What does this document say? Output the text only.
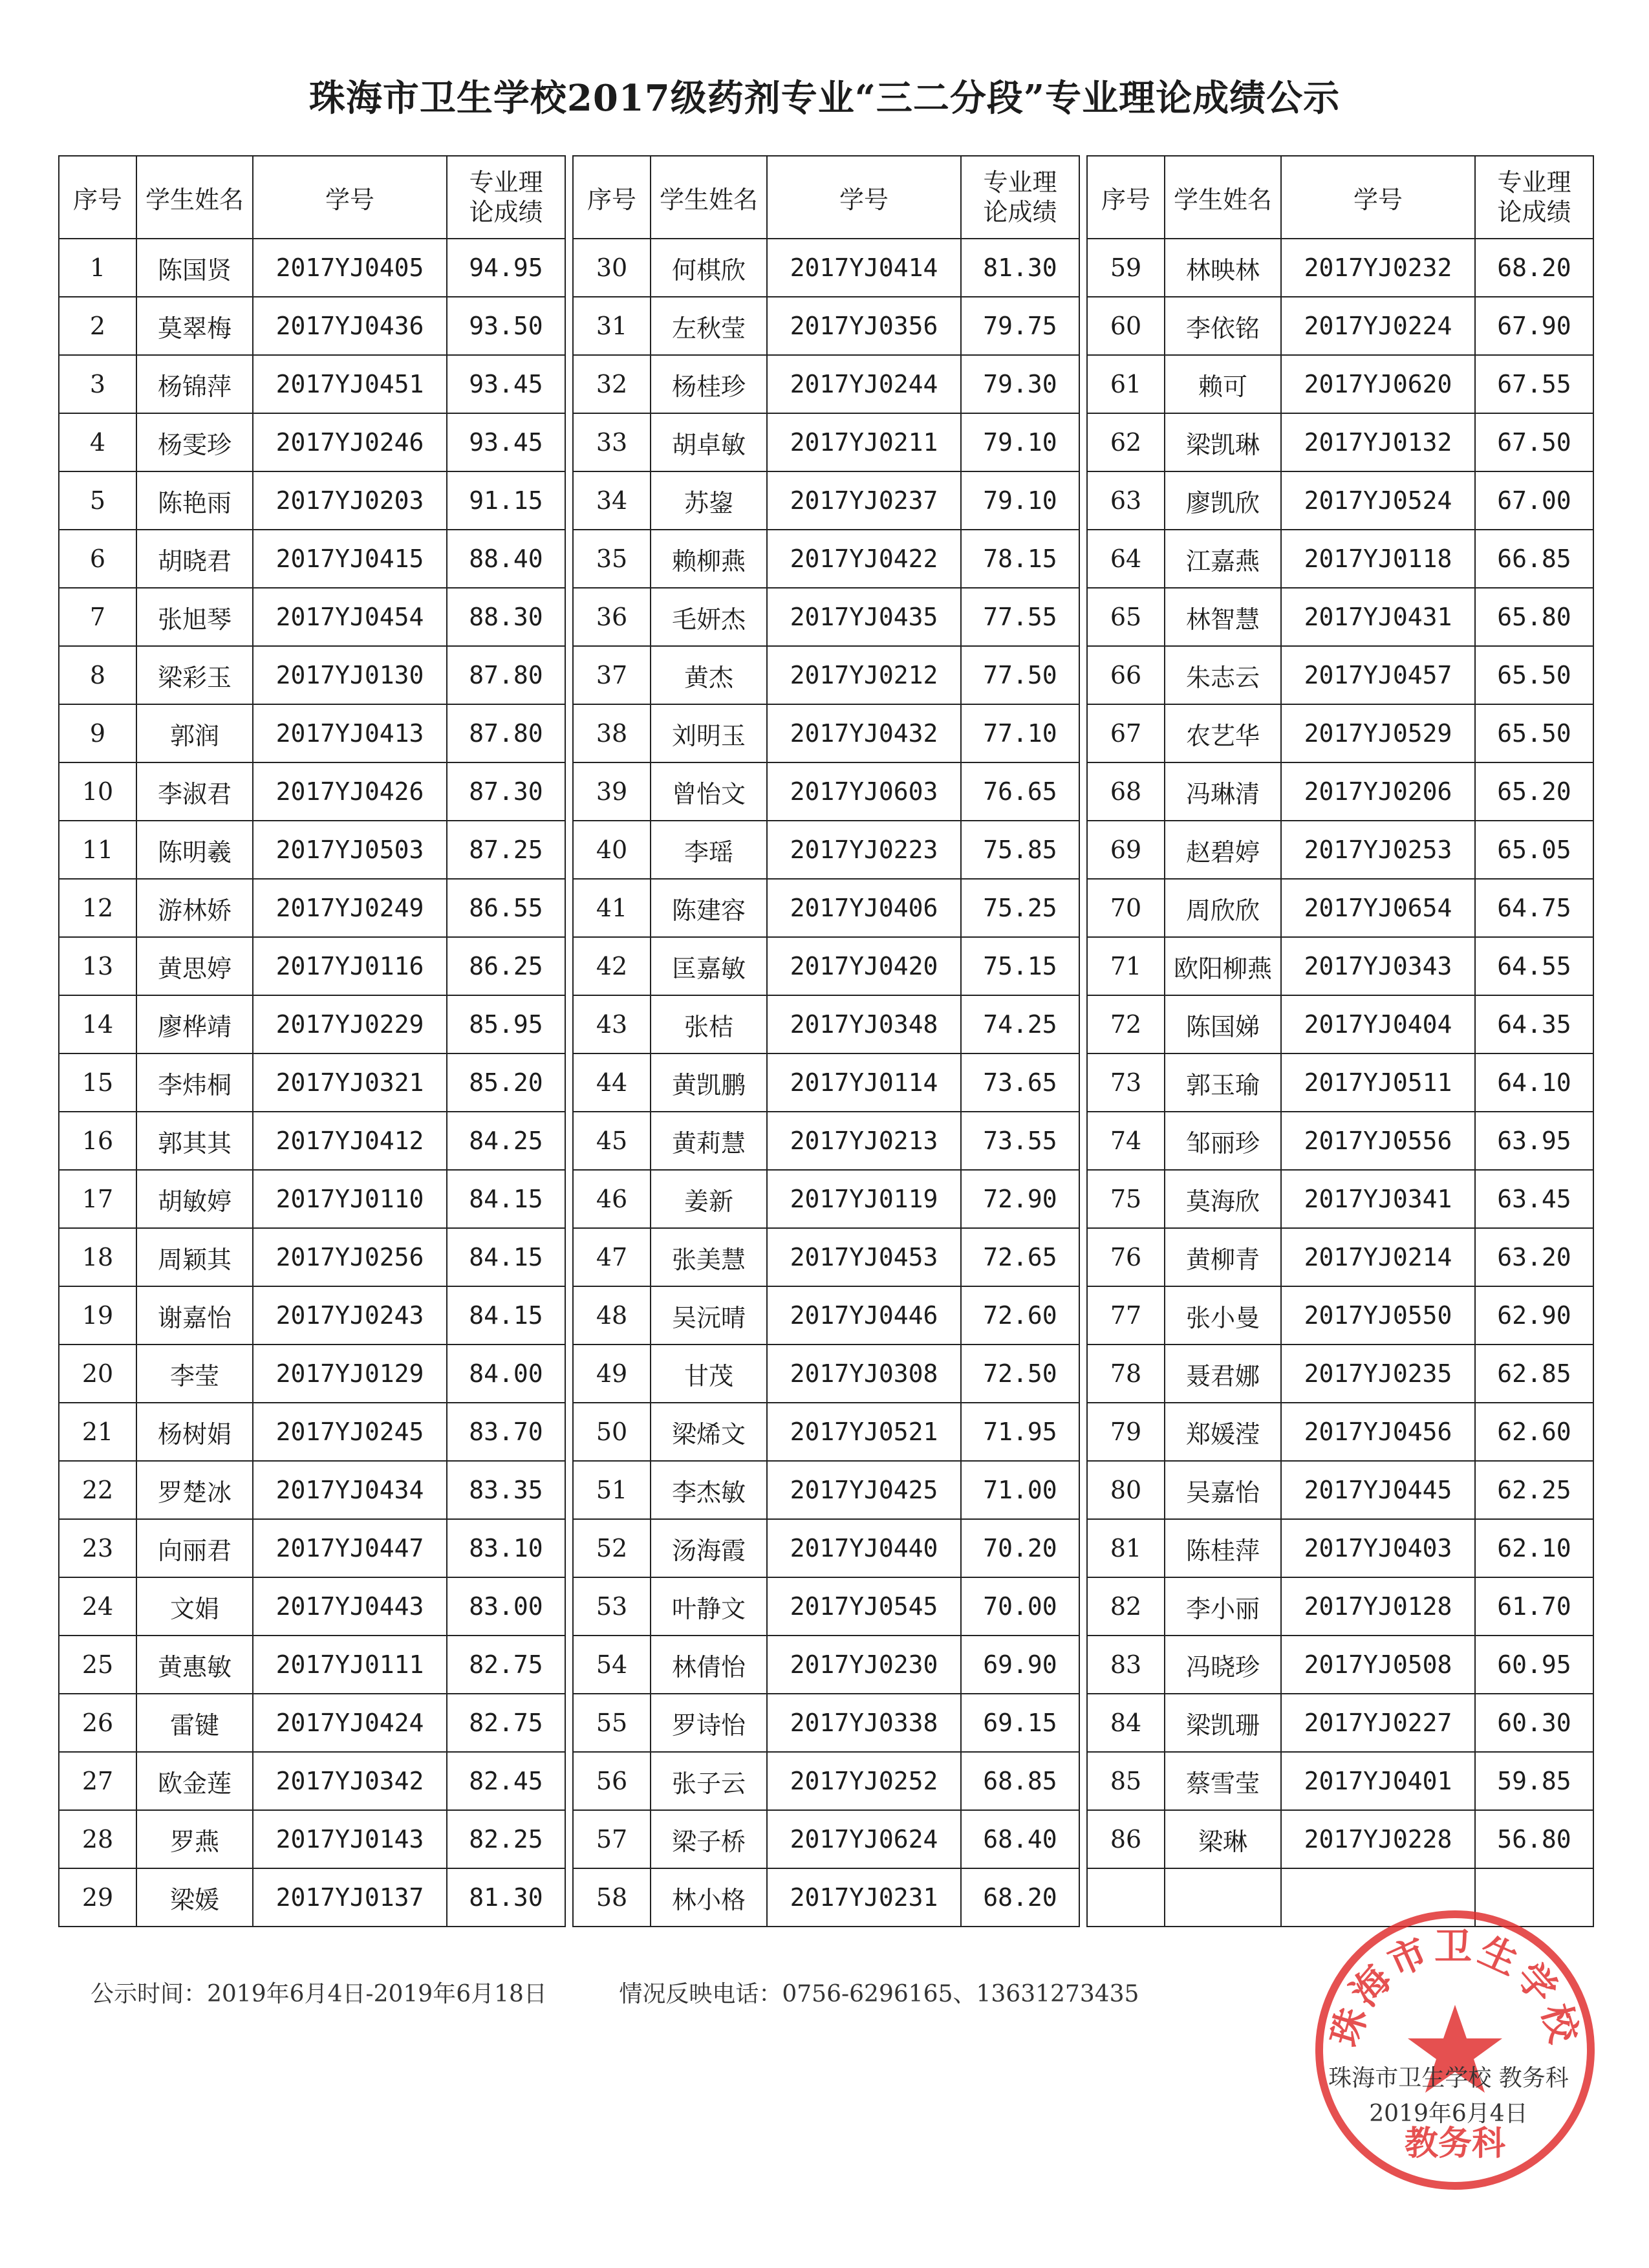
珠海市卫生学校2017级药剂专业“三二分段”专业理论成绩公示
序号	学生姓名	学号	专业理
论成绩

1	陈国贤	2017YJ0405	94.95
2	莫翠梅	2017YJ0436	93.50
3	杨锦萍	2017YJ0451	93.45
4	杨雯珍	2017YJ0246	93.45
5	陈艳雨	2017YJ0203	91.15
6	胡晓君	2017YJ0415	88.40
7	张旭琴	2017YJ0454	88.30
8	梁彩玉	2017YJ0130	87.80
9	郭润	2017YJ0413	87.80
10	李淑君	2017YJ0426	87.30
11	陈明羲	2017YJ0503	87.25
12	游林娇	2017YJ0249	86.55
13	黄思婷	2017YJ0116	86.25
14	廖桦靖	2017YJ0229	85.95
15	李炜桐	2017YJ0321	85.20
16	郭其其	2017YJ0412	84.25
17	胡敏婷	2017YJ0110	84.15
18	周颖其	2017YJ0256	84.15
19	谢嘉怡	2017YJ0243	84.15
20	李莹	2017YJ0129	84.00
21	杨树娟	2017YJ0245	83.70
22	罗楚冰	2017YJ0434	83.35
23	向丽君	2017YJ0447	83.10
24	文娟	2017YJ0443	83.00
25	黄惠敏	2017YJ0111	82.75
26	雷键	2017YJ0424	82.75
27	欧金莲	2017YJ0342	82.45
28	罗燕	2017YJ0143	82.25
29	梁媛	2017YJ0137	81.30
序号	学生姓名	学号	专业理
论成绩

30	何棋欣	2017YJ0414	81.30
31	左秋莹	2017YJ0356	79.75
32	杨桂珍	2017YJ0244	79.30
33	胡卓敏	2017YJ0211	79.10
34	苏鋆	2017YJ0237	79.10
35	赖柳燕	2017YJ0422	78.15
36	毛妍杰	2017YJ0435	77.55
37	黄杰	2017YJ0212	77.50
38	刘明玉	2017YJ0432	77.10
39	曾怡文	2017YJ0603	76.65
40	李瑶	2017YJ0223	75.85
41	陈建容	2017YJ0406	75.25
42	匡嘉敏	2017YJ0420	75.15
43	张桔	2017YJ0348	74.25
44	黄凯鹏	2017YJ0114	73.65
45	黄莉慧	2017YJ0213	73.55
46	姜新	2017YJ0119	72.90
47	张美慧	2017YJ0453	72.65
48	吴沅晴	2017YJ0446	72.60
49	甘茂	2017YJ0308	72.50
50	梁烯文	2017YJ0521	71.95
51	李杰敏	2017YJ0425	71.00
52	汤海霞	2017YJ0440	70.20
53	叶静文	2017YJ0545	70.00
54	林倩怡	2017YJ0230	69.90
55	罗诗怡	2017YJ0338	69.15
56	张子云	2017YJ0252	68.85
57	梁子桥	2017YJ0624	68.40
58	林小格	2017YJ0231	68.20
序号	学生姓名	学号	专业理
论成绩

59	林映林	2017YJ0232	68.20
60	李依铭	2017YJ0224	67.90
61	赖可	2017YJ0620	67.55
62	梁凯琳	2017YJ0132	67.50
63	廖凯欣	2017YJ0524	67.00
64	江嘉燕	2017YJ0118	66.85
65	林智慧	2017YJ0431	65.80
66	朱志云	2017YJ0457	65.50
67	农艺华	2017YJ0529	65.50
68	冯琳清	2017YJ0206	65.20
69	赵碧婷	2017YJ0253	65.05
70	周欣欣	2017YJ0654	64.75
71	欧阳柳燕	2017YJ0343	64.55
72	陈国娣	2017YJ0404	64.35
73	郭玉瑜	2017YJ0511	64.10
74	邹丽珍	2017YJ0556	63.95
75	莫海欣	2017YJ0341	63.45
76	黄柳青	2017YJ0214	63.20
77	张小曼	2017YJ0550	62.90
78	聂君娜	2017YJ0235	62.85
79	郑媛滢	2017YJ0456	62.60
80	吴嘉怡	2017YJ0445	62.25
81	陈桂萍	2017YJ0403	62.10
82	李小丽	2017YJ0128	61.70
83	冯晓珍	2017YJ0508	60.95
84	梁凯珊	2017YJ0227	60.30
85	蔡雪莹	2017YJ0401	59.85
86	梁琳	2017YJ0228	56.80

公示时间：2019年6月4日-2019年6月18日	情况反映电话：0756-6296165、13631273435
珠海市卫生学校
教务科
珠海市卫生学校 教务科
2019年6月4日
